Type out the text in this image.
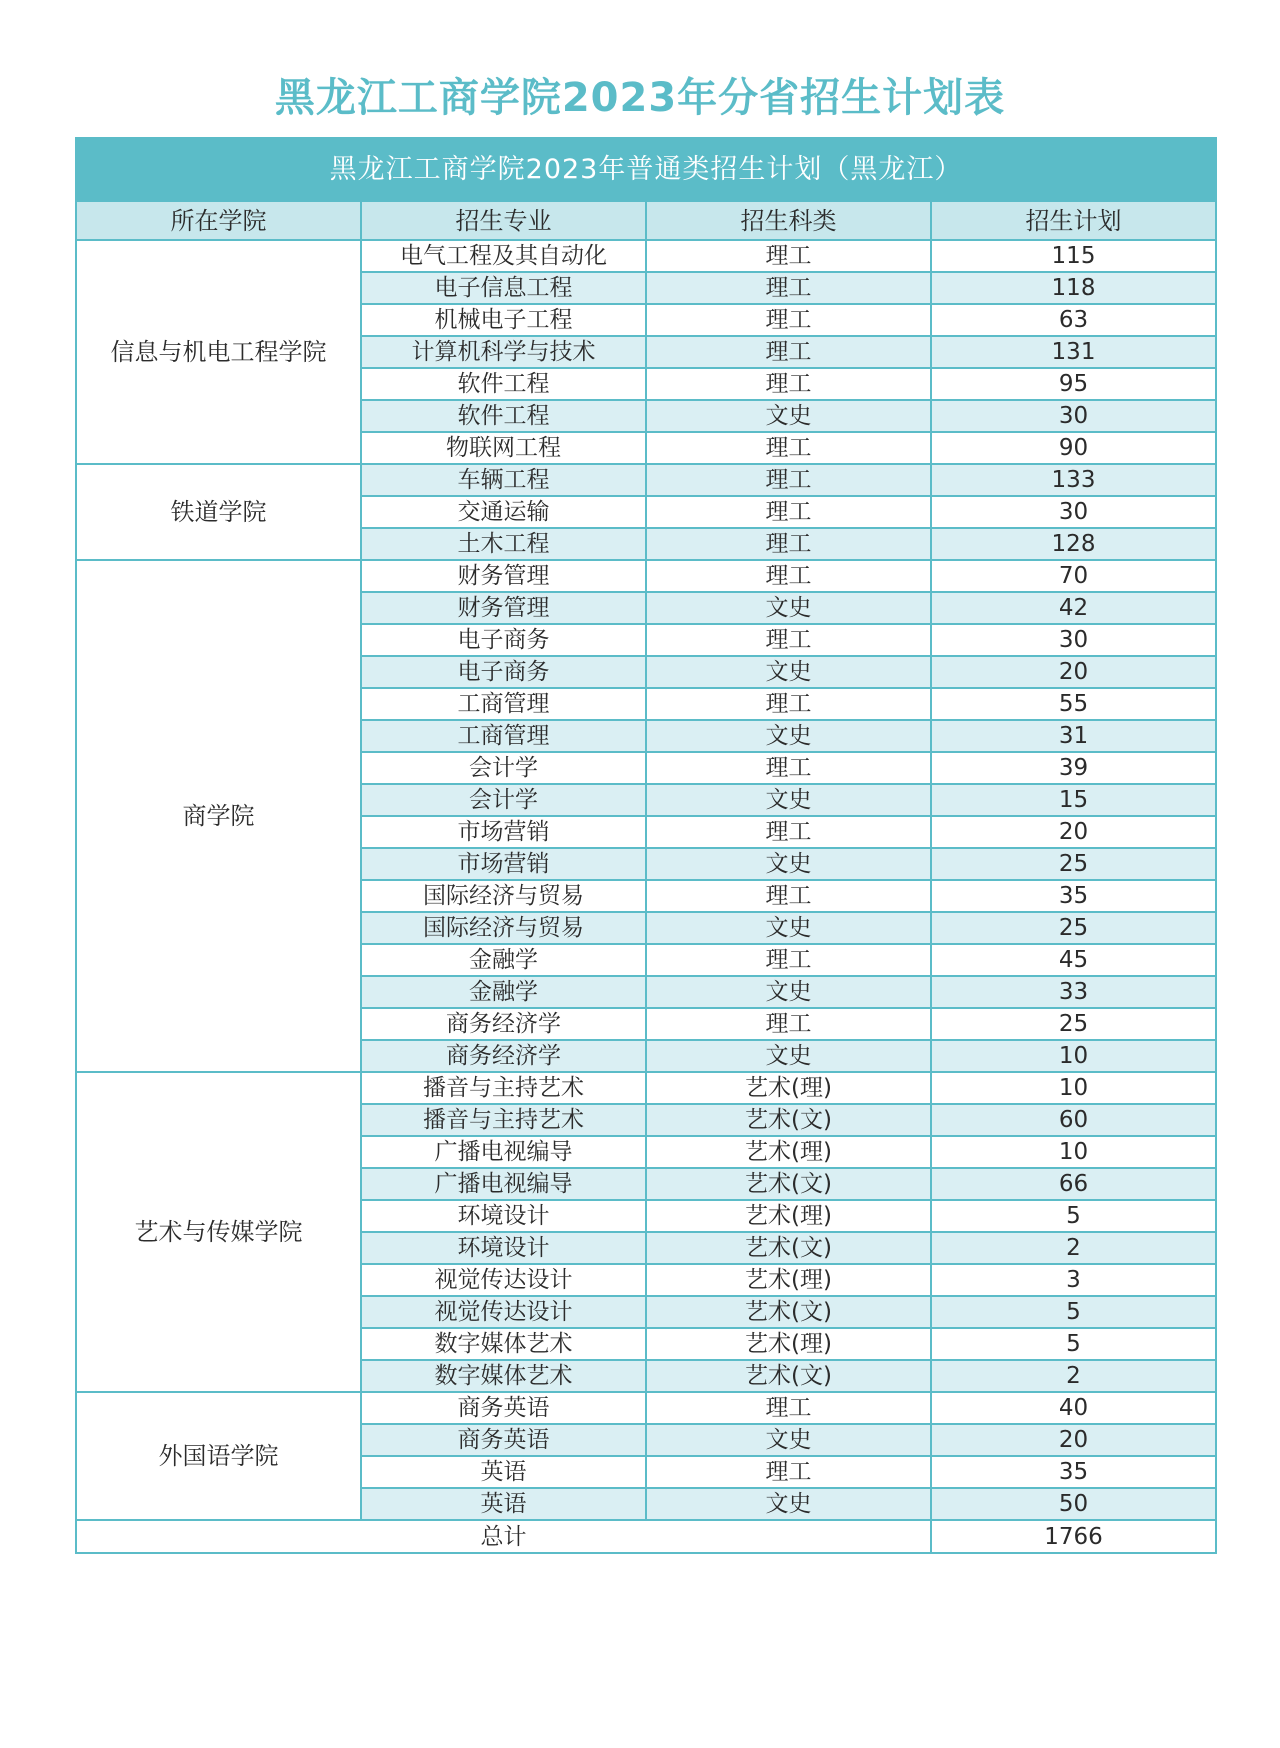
黑龙江工商学院2023年分省招生计划表
黑龙江工商学院2023年普通类招生计划（黑龙江）			
所在学院	招生专业	招生科类	招生计划
信息与机电工程学院	电气工程及其自动化	理工	115
	电子信息工程	理工	118
	机械电子工程	理工	63
	计算机科学与技术	理工	131
	软件工程	理工	95
	软件工程	文史	30
	物联网工程	理工	90
铁道学院	车辆工程	理工	133
	交通运输	理工	30
	土木工程	理工	128
商学院	财务管理	理工	70
	财务管理	文史	42
	电子商务	理工	30
	电子商务	文史	20
	工商管理	理工	55
	工商管理	文史	31
	会计学	理工	39
	会计学	文史	15
	市场营销	理工	20
	市场营销	文史	25
	国际经济与贸易	理工	35
	国际经济与贸易	文史	25
	金融学	理工	45
	金融学	文史	33
	商务经济学	理工	25
	商务经济学	文史	10
艺术与传媒学院	播音与主持艺术	艺术(理)	10
	播音与主持艺术	艺术(文)	60
	广播电视编导	艺术(理)	10
	广播电视编导	艺术(文)	66
	环境设计	艺术(理)	5
	环境设计	艺术(文)	2
	视觉传达设计	艺术(理)	3
	视觉传达设计	艺术(文)	5
	数字媒体艺术	艺术(理)	5
	数字媒体艺术	艺术(文)	2
外国语学院	商务英语	理工	40
	商务英语	文史	20
	英语	理工	35
	英语	文史	50
总计			1766
